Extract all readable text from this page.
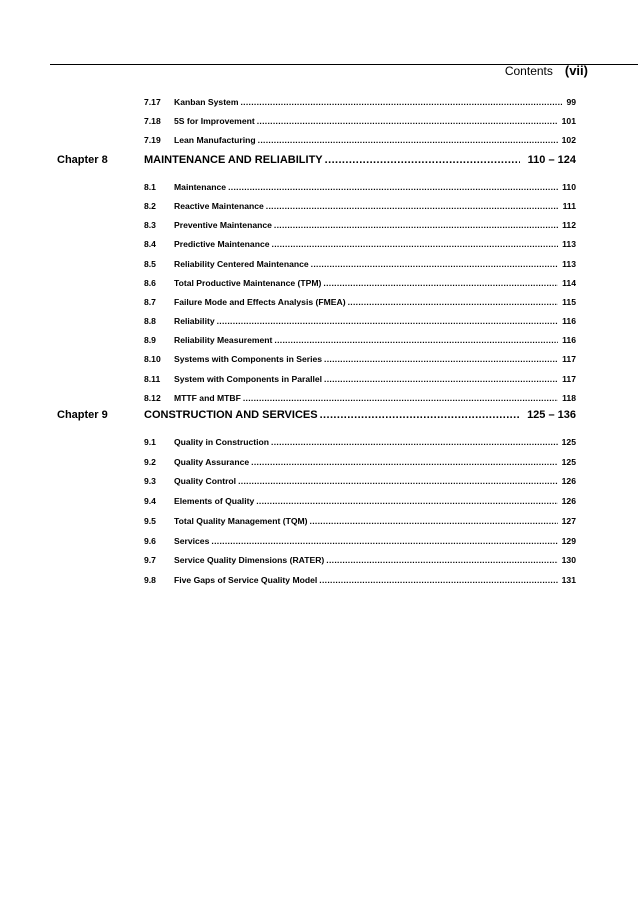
Contents (vii)
7.17	Kanban System .....	99
7.18	5S for Improvement .....	101
7.19	Lean Manufacturing .....	102
Chapter 8	MAINTENANCE AND RELIABILITY .....	110 – 124
8.1	Maintenance .....	110
8.2	Reactive Maintenance .....	111
8.3	Preventive Maintenance .....	112
8.4	Predictive Maintenance .....	113
8.5	Reliability Centered Maintenance .....	113
8.6	Total Productive Maintenance (TPM) .....	114
8.7	Failure Mode and Effects Analysis (FMEA) .....	115
8.8	Reliability .....	116
8.9	Reliability Measurement .....	116
8.10	Systems with Components in Series .....	117
8.11	System with Components in Parallel .....	117
8.12	MTTF and MTBF .....	118
Chapter 9	CONSTRUCTION AND SERVICES .....	125 – 136
9.1	Quality in Construction .....	125
9.2	Quality Assurance .....	125
9.3	Quality Control .....	126
9.4	Elements of Quality .....	126
9.5	Total Quality Management (TQM) .....	127
9.6	Services .....	129
9.7	Service Quality Dimensions (RATER) .....	130
9.8	Five Gaps of Service Quality Model .....	131
